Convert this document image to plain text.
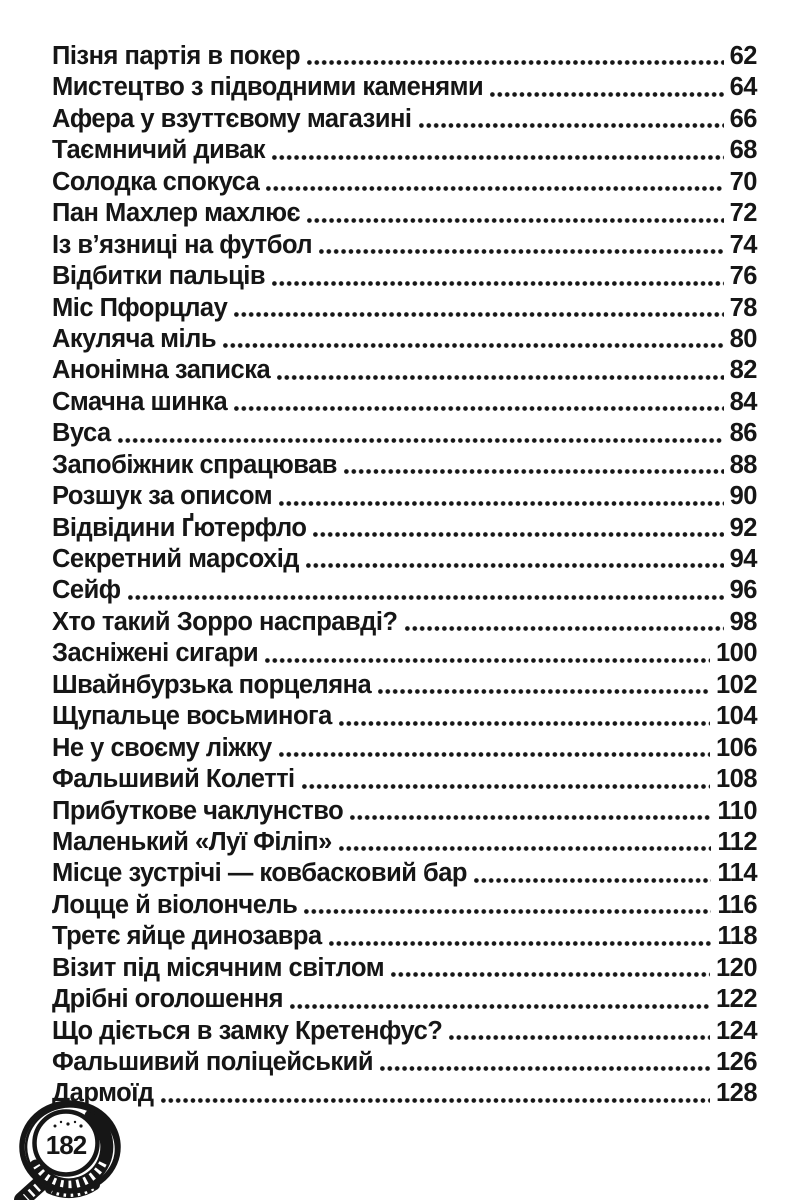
Пізня партія в покер	62
Мистецтво з підводними каменями	64
Афера у взуттєвому магазині	66
Таємничий дивак	68
Солодка спокуса	70
Пан Махлер махлює	72
Із в’язниці на футбол	74
Відбитки пальців	76
Міс Пфорцлау	78
Акуляча міль	80
Анонімна записка	82
Смачна шинка	84
Вуса	86
Запобіжник спрацював	88
Розшук за описом	90
Відвідини Ґютерфло	92
Секретний марсохід	94
Сейф	96
Хто такий Зорро насправді?	98
Засніжені сигари	100
Швайнбурзька порцеляна	102
Щупальце восьминога	104
Не у своєму ліжку	106
Фальшивий Колетті	108
Прибуткове чаклунство	110
Маленький «Луї Філіп»	112
Місце зустрічі — ковбасковий бар	114
Лоцце й віолончель	116
Третє яйце динозавра	118
Візит під місячним світлом	120
Дрібні оголошення	122
Що діється в замку Кретенфус?	124
Фальшивий поліцейський	126
Дармоїд	128
182
